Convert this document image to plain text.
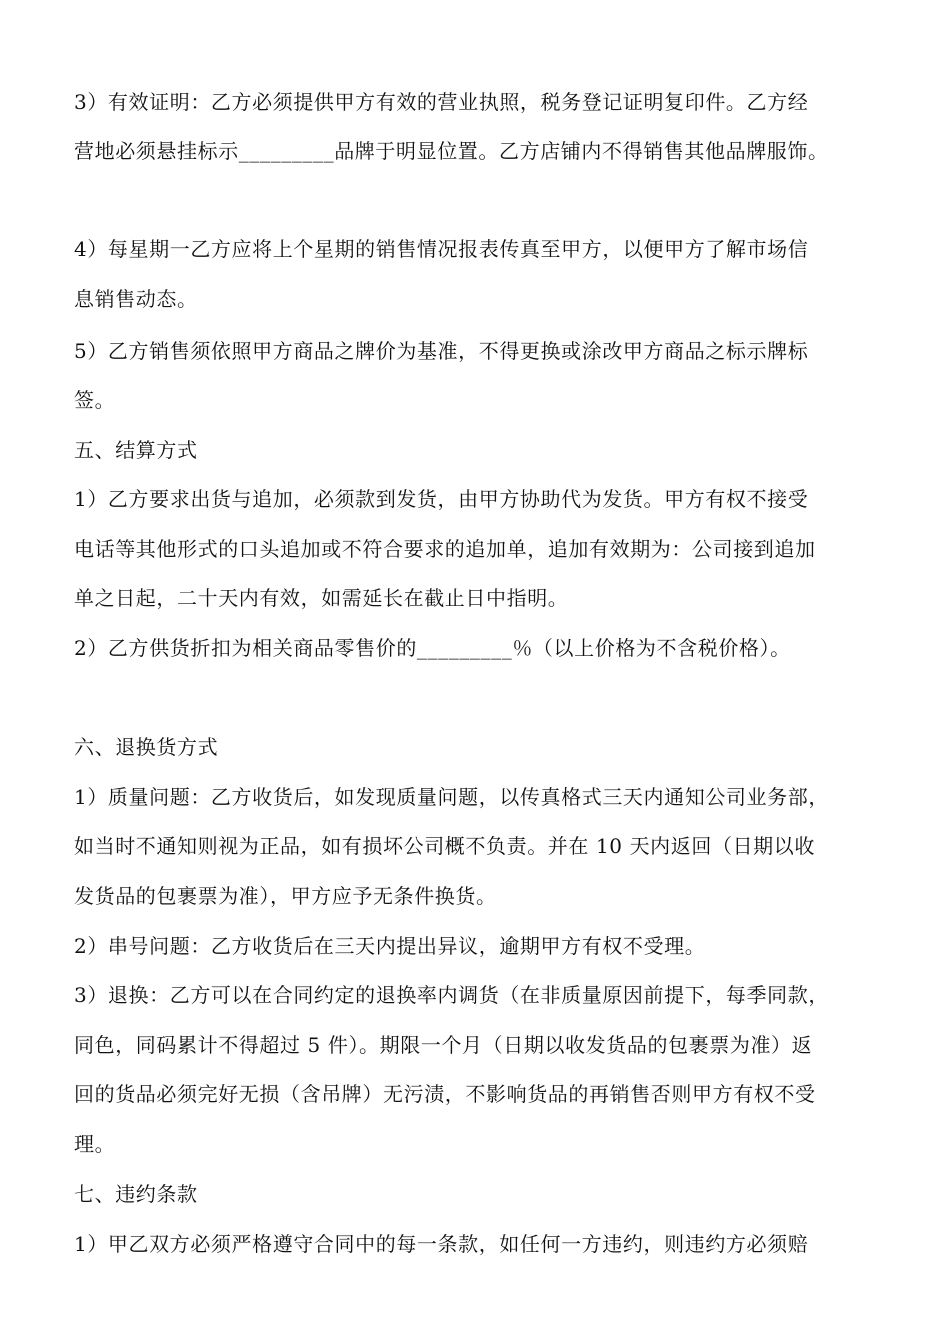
3）有效证明：乙方必须提供甲方有效的营业执照，税务登记证明复印件。乙方经
营地必须悬挂标示_________品牌于明显位置。乙方店铺内不得销售其他品牌服饰。
4）每星期一乙方应将上个星期的销售情况报表传真至甲方，以便甲方了解市场信
息销售动态。
5）乙方销售须依照甲方商品之牌价为基准，不得更换或涂改甲方商品之标示牌标
签。
五、结算方式
1）乙方要求出货与追加，必须款到发货，由甲方协助代为发货。甲方有权不接受
电话等其他形式的口头追加或不符合要求的追加单，追加有效期为：公司接到追加
单之日起，二十天内有效，如需延长在截止日中指明。
2）乙方供货折扣为相关商品零售价的_________％（以上价格为不含税价格）。
六、退换货方式
1）质量问题：乙方收货后，如发现质量问题，以传真格式三天内通知公司业务部，
如当时不通知则视为正品，如有损坏公司概不负责。并在 10 天内返回（日期以收
发货品的包裹票为准），甲方应予无条件换货。
2）串号问题：乙方收货后在三天内提出异议，逾期甲方有权不受理。
3）退换：乙方可以在合同约定的退换率内调货（在非质量原因前提下，每季同款，
同色，同码累计不得超过 5 件）。期限一个月（日期以收发货品的包裹票为准）返
回的货品必须完好无损（含吊牌）无污渍，不影响货品的再销售否则甲方有权不受
理。
七、违约条款
1）甲乙双方必须严格遵守合同中的每一条款，如任何一方违约，则违约方必须赔
